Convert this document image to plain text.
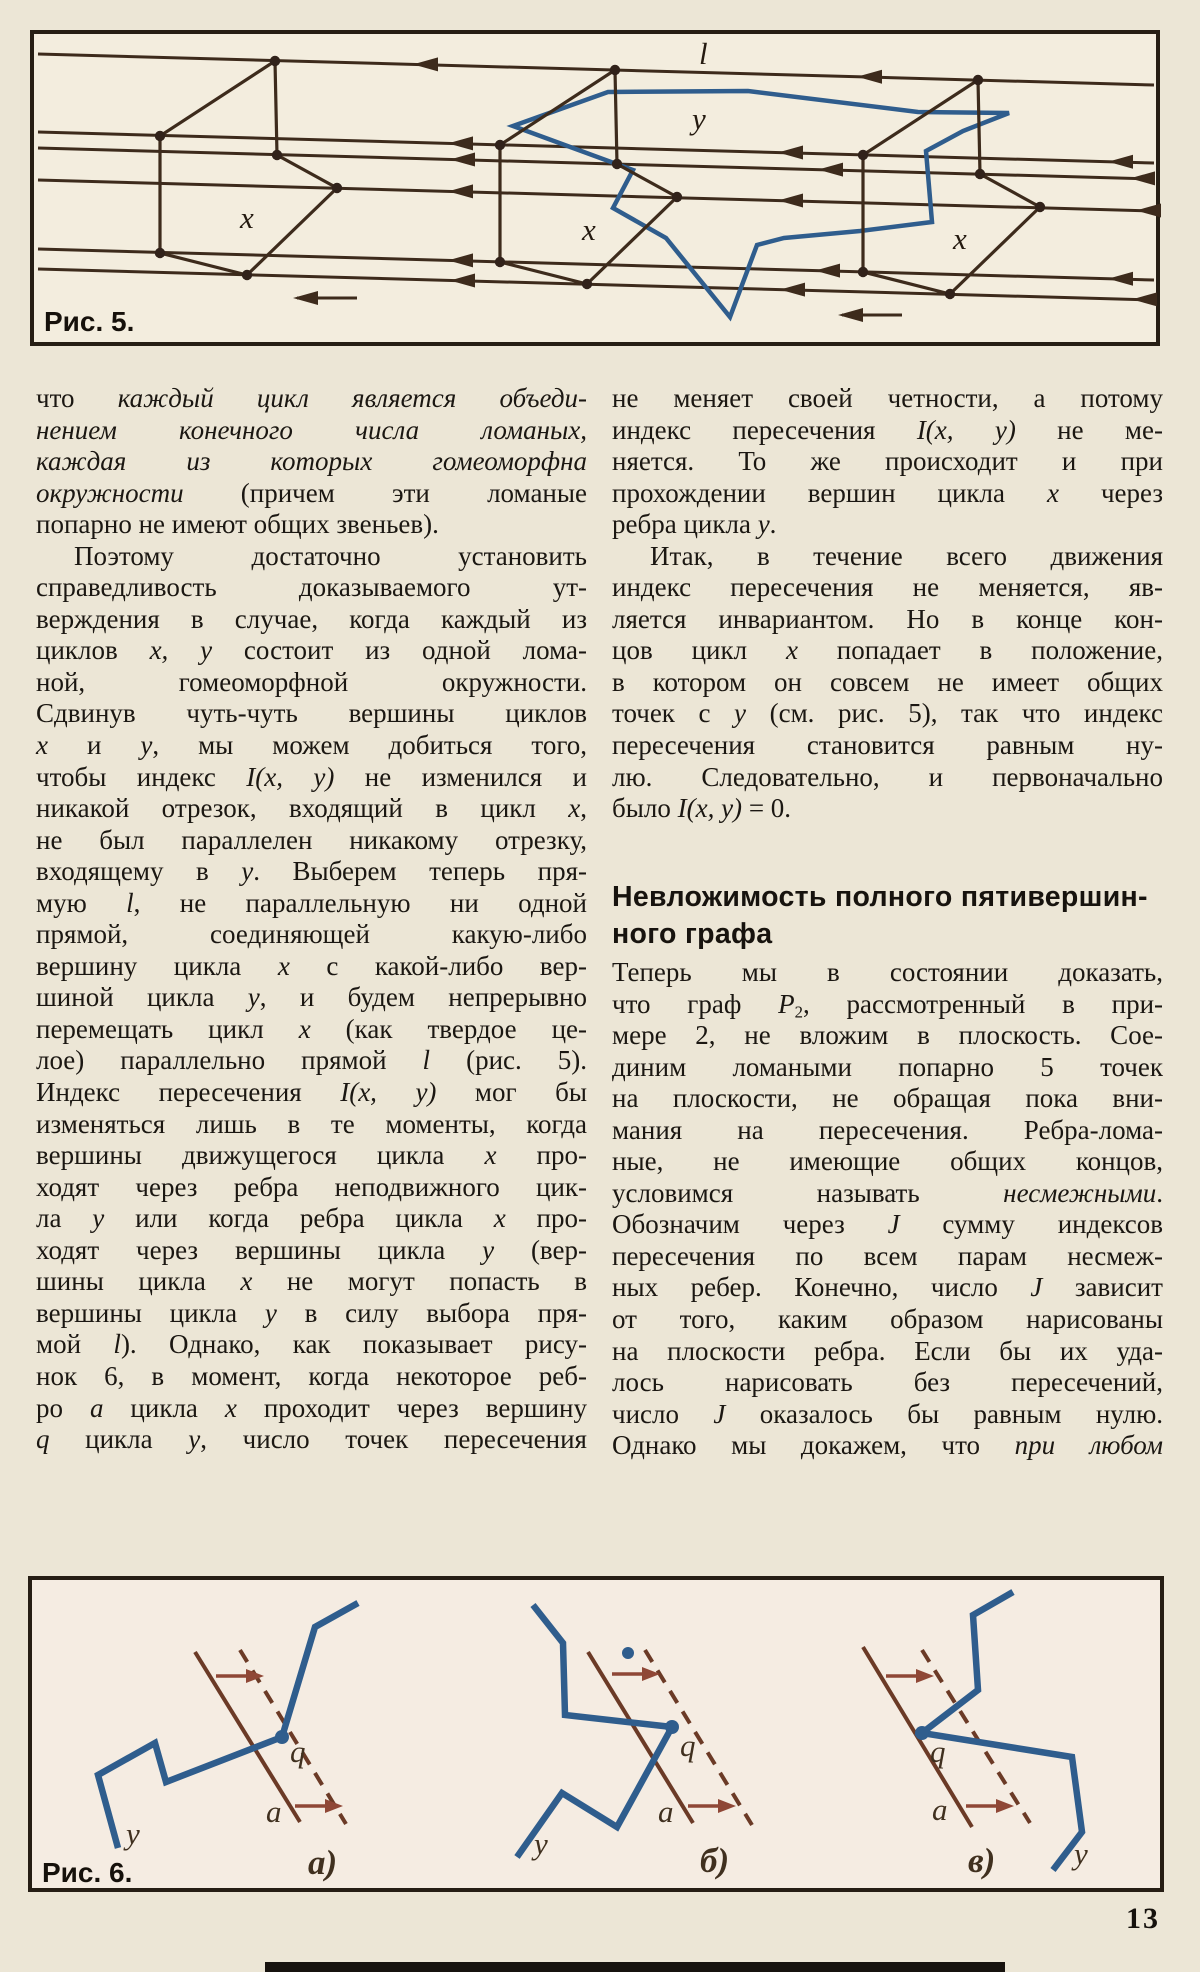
l
y
x	x	x
Рис. 5.
q
a
y
а)
q
a
y	б)
q
a
y
в)
Рис. 6.
что каждый цикл является объеди-
нением конечного числа ломаных,
каждая из которых гомеоморфна
окружности (причем эти ломаные
попарно не имеют общих звеньев).
Поэтому достаточно установить
справедливость доказываемого ут-
верждения в случае, когда каждый из
циклов x, y состоит из одной лома-
ной, гомеоморфной окружности.
Сдвинув чуть-чуть вершины циклов
x и y, мы можем добиться того,
чтобы индекс I(x, y) не изменился и
никакой отрезок, входящий в цикл x,
не был параллелен никакому отрезку,
входящему в y. Выберем теперь пря-
мую l, не параллельную ни одной
прямой, соединяющей какую-либо
вершину цикла x с какой-либо вер-
шиной цикла y, и будем непрерывно
перемещать цикл x (как твердое це-
лое) параллельно прямой l (рис. 5).
Индекс пересечения I(x, y) мог бы
изменяться лишь в те моменты, когда
вершины движущегося цикла x про-
ходят через ребра неподвижного цик-
ла y или когда ребра цикла x про-
ходят через вершины цикла y (вер-
шины цикла x не могут попасть в
вершины цикла y в силу выбора пря-
мой l). Однако, как показывает рису-
нок 6, в момент, когда некоторое реб-
ро a цикла x проходит через вершину
q цикла y, число точек пересечения
не меняет своей четности, а потому
индекс пересечения I(x, y) не ме-
няется. То же происходит и при
прохождении вершин цикла x через
ребра цикла y.
Итак, в течение всего движения
индекс пересечения не меняется, яв-
ляется инвариантом. Но в конце кон-
цов цикл x попадает в положение,
в котором он совсем не имеет общих
точек с y (см. рис. 5), так что индекс
пересечения становится равным ну-
лю. Следовательно, и первоначально
было I(x, y) = 0.
Невложимость полного пятивершин-
ного графа
Теперь мы в состоянии доказать,
что граф $P_2$, рассмотренный в при-
мере 2, не вложим в плоскость. Сое-
диним ломаными попарно 5 точек
на плоскости, не обращая пока вни-
мания на пересечения. Ребра-лома-
ные, не имеющие общих концов,
условимся называть несмежными.
Обозначим через J сумму индексов
пересечения по всем парам несмеж-
ных ребер. Конечно, число J зависит
от того, каким образом нарисованы
на плоскости ребра. Если бы их уда-
лось нарисовать без пересечений,
число J оказалось бы равным нулю.
Однако мы докажем, что при любом
13
